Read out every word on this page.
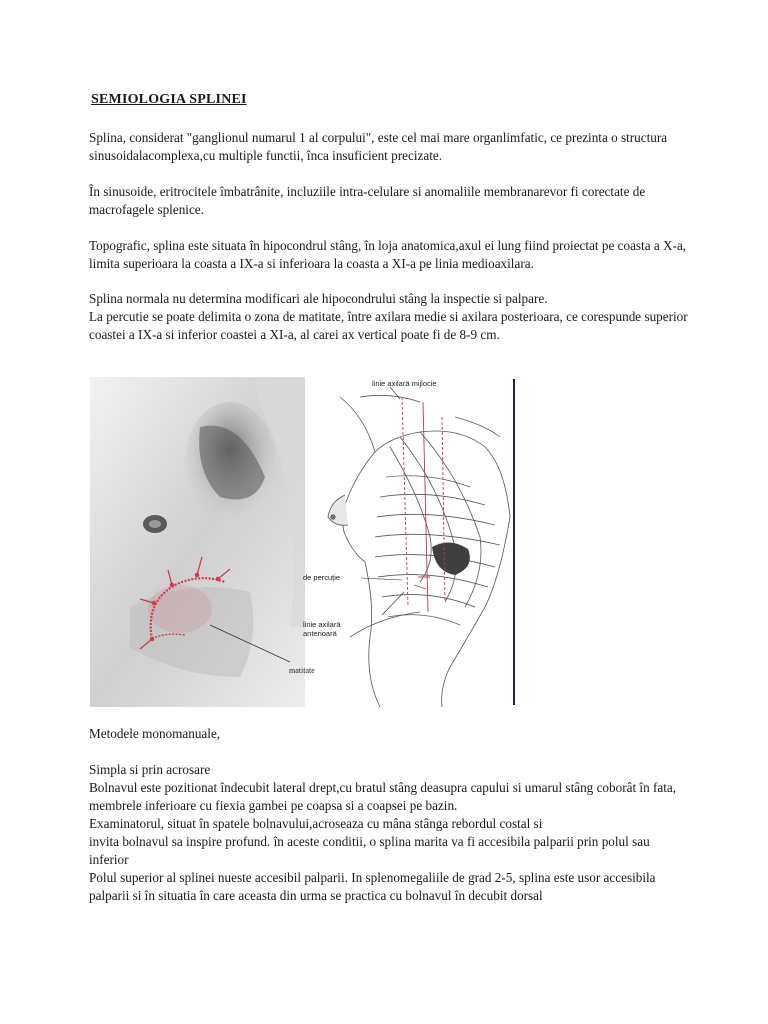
SEMIOLOGIA SPLINEI

Splina, considerat "ganglionul numarul 1 al corpului", este cel mai mare organlimfatic, ce prezinta o structura sinusoidalacomplexa,cu multiple functii, înca insuficient precizate.

În sinusoide, eritrocitele îmbatrânite, incluziile intra-celulare si anomaliile membranarevor fi corectate de macrofagele splenice.

Topografic, splina este situata în hipocondrul stâng, în loja anatomica,axul ei lung fiind proiectat pe coasta a X-a, limita superioara la coasta a IX-a si inferioara la coasta a XI-a pe linia medioaxilara.

Splina normala nu determina modificari ale hipocondrului stâng la inspectie si palpare.

La percutie se poate delimita o zona de matitate, între axilara medie si axilara posterioara, ce corespunde superior coastei a IX-a si inferior coastei a XI-a, al carei ax vertical poate fi de 8-9 cm.

matitate
linie axilarä mijlocie
de percuție
linie axilarä
anterioarä

Metodele monomanuale,

Simpla si prin acrosare
Bolnavul este pozitionat îndecubit lateral drept,cu bratul stâng deasupra capului si umarul stâng coborât în fata, membrele inferioare cu fiexia gambei pe coapsa si a coapsei pe bazin.
Examinatorul, situat în spatele bolnavului,acroseaza cu mâna stânga rebordul costal si
invita bolnavul sa inspire profund. în aceste conditii, o splina marita va fi accesibila palparii prin polul sau inferior
Polul superior al splinei nueste accesibil palparii. In splenomegaliile de grad 2-5, splina este usor accesibila palparii si în situatia în care aceasta din urma se practica cu bolnavul în decubit dorsal
